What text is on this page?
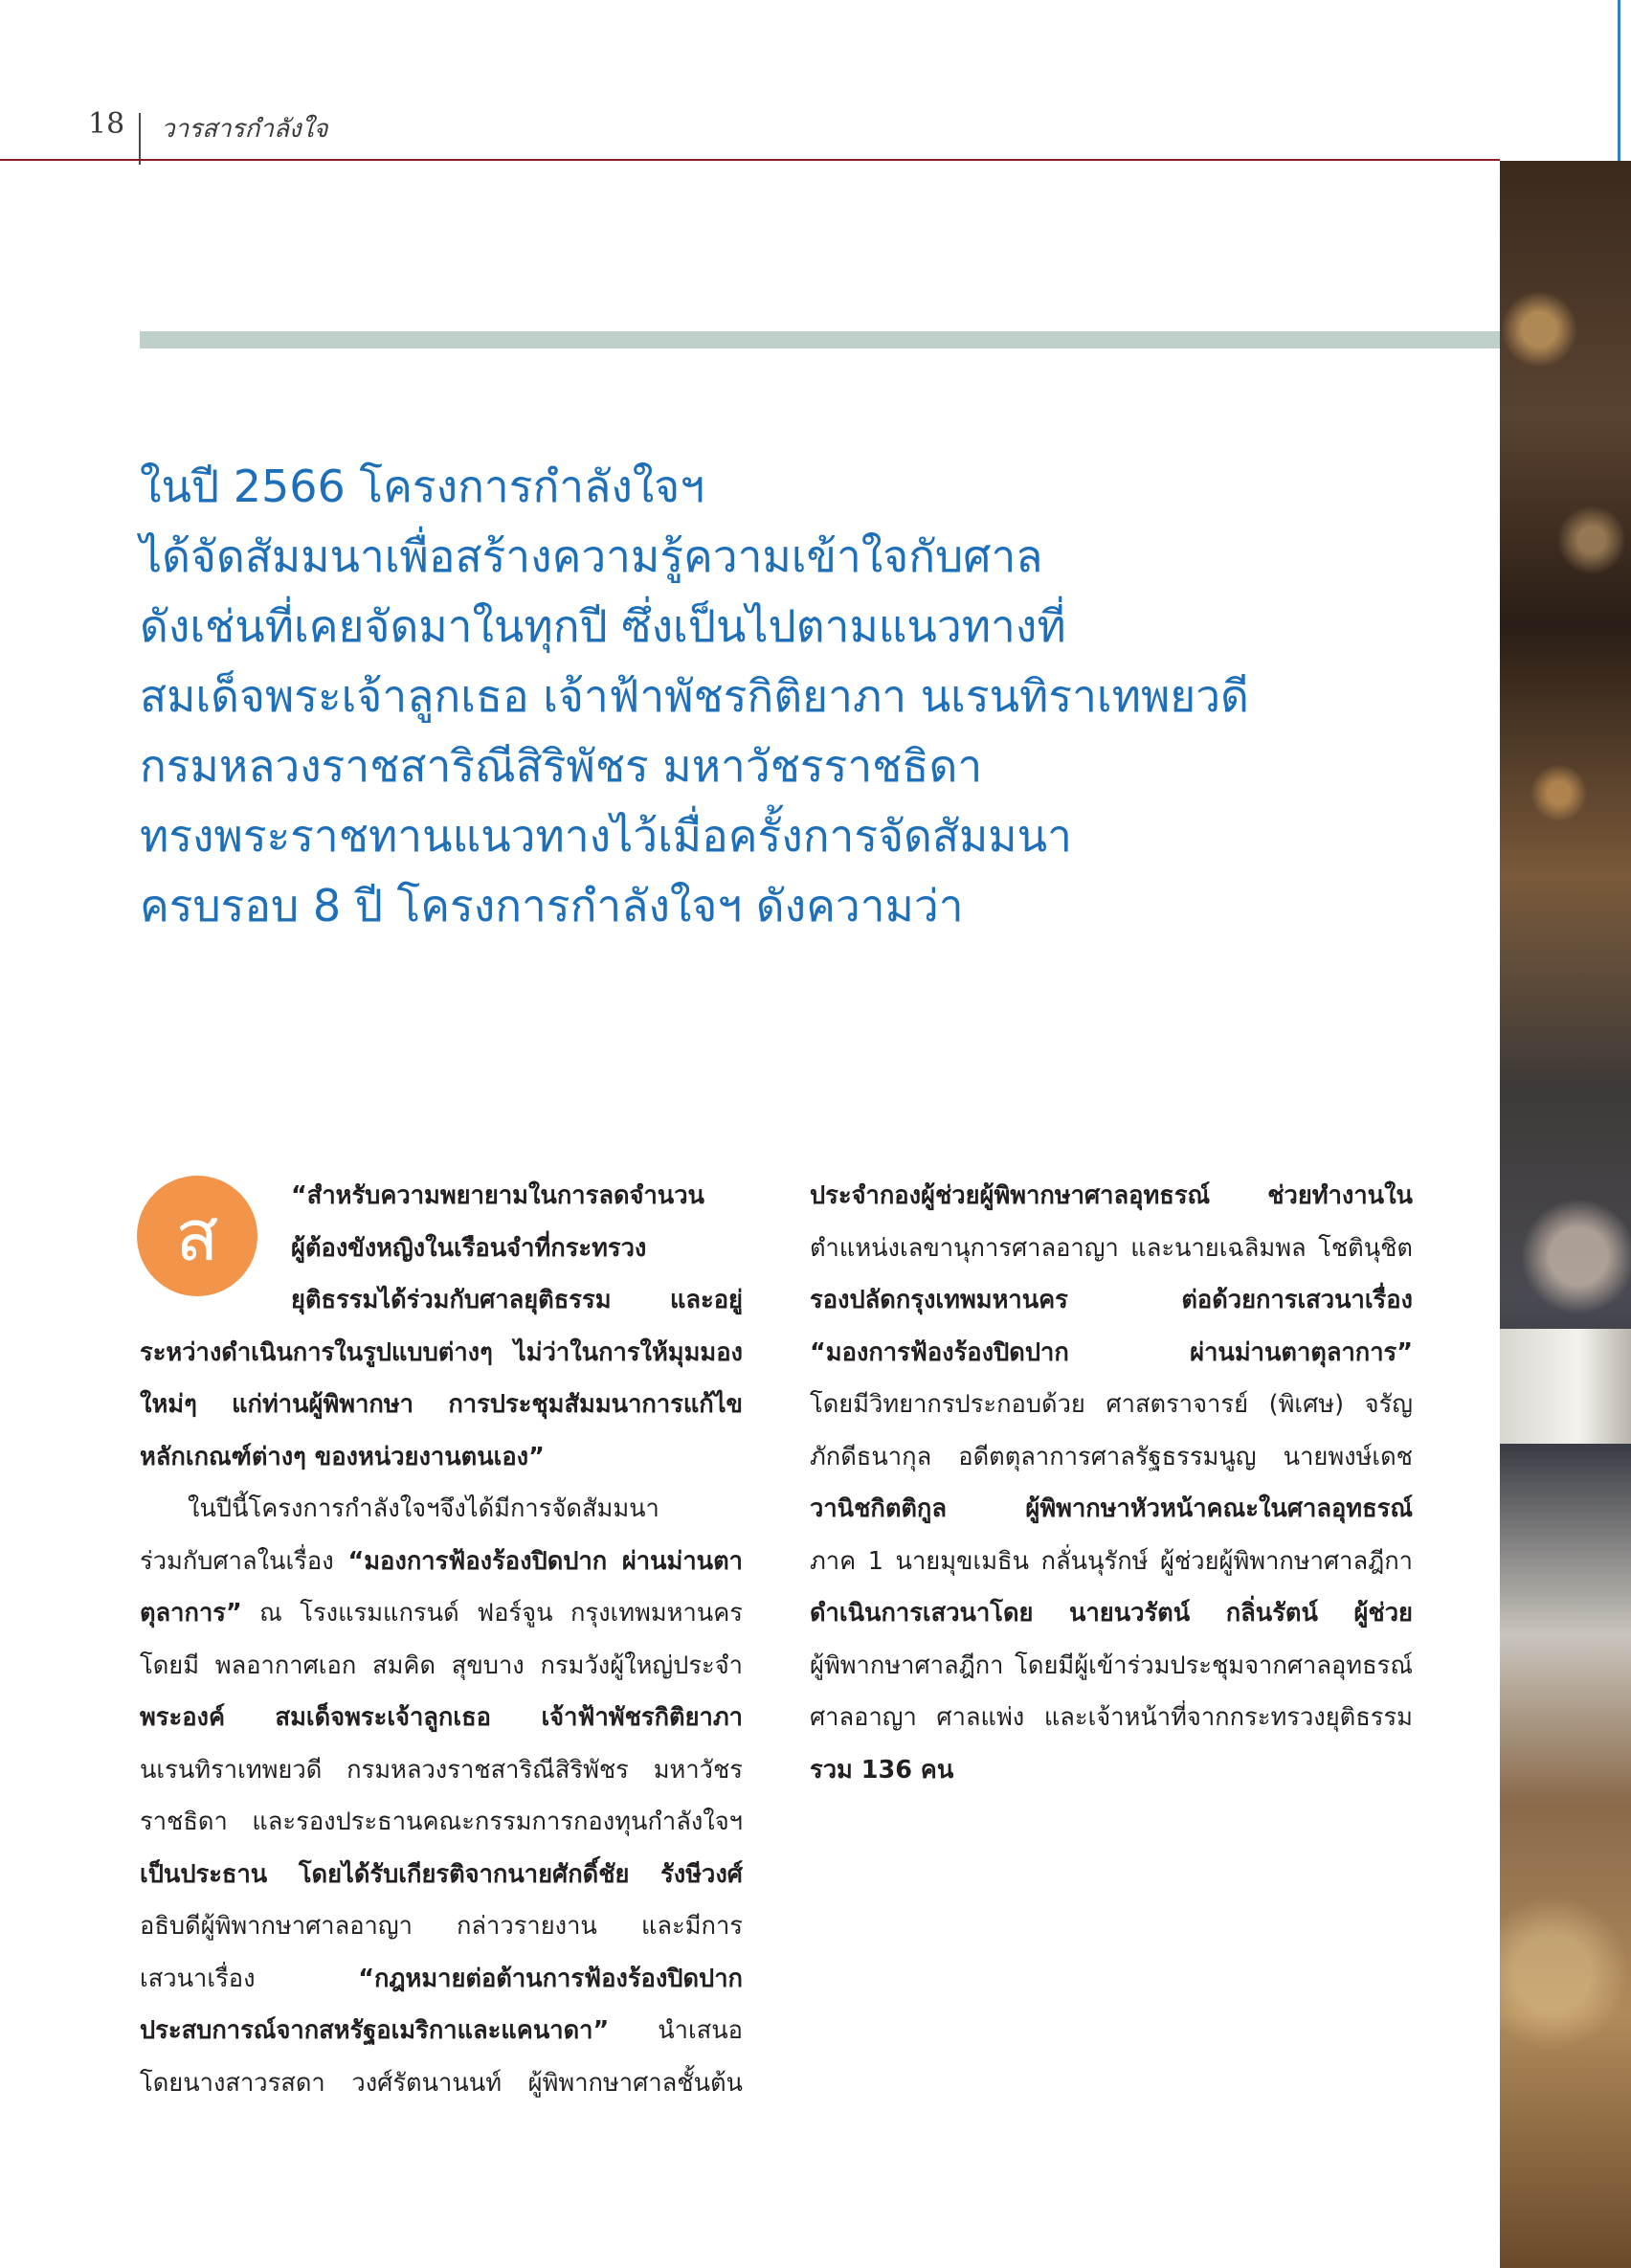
18 วารสารกำลังใจ
ในปี 2566 โครงการกำลังใจฯ
ได้จัดสัมมนาเพื่อสร้างความรู้ความเข้าใจกับศาล
ดังเช่นที่เคยจัดมาในทุกปี ซึ่งเป็นไปตามแนวทางที่
สมเด็จพระเจ้าลูกเธอ เจ้าฟ้าพัชรกิติยาภา นเรนทิราเทพยวดี
กรมหลวงราชสาริณีสิริพัชร มหาวัชรราชธิดา
ทรงพระราชทานแนวทางไว้เมื่อครั้งการจัดสัมมนา
ครบรอบ 8 ปี โครงการกำลังใจฯ ดังความว่า
ส	“สำหรับความพยายามในการลดจำนวน
ผู้ต้องขังหญิงในเรือนจำที่กระทรวง
ยุติธรรมได้ร่วมกับศาลยุติธรรม และอยู่
ระหว่างดำเนินการในรูปแบบต่างๆ ไม่ว่าในการให้มุมมอง
ใหม่ๆ แก่ท่านผู้พิพากษา การประชุมสัมมนาการแก้ไข
หลักเกณฑ์ต่างๆ ของหน่วยงานตนเอง”
ในปีนี้โครงการกำลังใจฯจึงได้มีการจัดสัมมนา
ร่วมกับศาลในเรื่อง “มองการฟ้องร้องปิดปาก ผ่านม่านตา
ตุลาการ” ณ โรงแรมแกรนด์ ฟอร์จูน กรุงเทพมหานคร
โดยมี พลอากาศเอก สมคิด สุขบาง กรมวังผู้ใหญ่ประจำ
พระองค์ สมเด็จพระเจ้าลูกเธอ เจ้าฟ้าพัชรกิติยาภา
นเรนทิราเทพยวดี กรมหลวงราชสาริณีสิริพัชร มหาวัชร
ราชธิดา และรองประธานคณะกรรมการกองทุนกำลังใจฯ
เป็นประธาน โดยได้รับเกียรติจากนายศักดิ์ชัย รังษีวงศ์
อธิบดีผู้พิพากษาศาลอาญา กล่าวรายงาน และมีการ
เสวนาเรื่อง “กฎหมายต่อต้านการฟ้องร้องปิดปาก
ประสบการณ์จากสหรัฐอเมริกาและแคนาดา” นำเสนอ
โดยนางสาวรสดา วงศ์รัตนานนท์ ผู้พิพากษาศาลชั้นต้น
ประจำกองผู้ช่วยผู้พิพากษาศาลอุทธรณ์ ช่วยทำงานใน
ตำแหน่งเลขานุการศาลอาญา และนายเฉลิมพล โชตินุชิต
รองปลัดกรุงเทพมหานคร ต่อด้วยการเสวนาเรื่อง
“มองการฟ้องร้องปิดปาก ผ่านม่านตาตุลาการ”
โดยมีวิทยากรประกอบด้วย ศาสตราจารย์ (พิเศษ) จรัญ
ภักดีธนากุล อดีตตุลาการศาลรัฐธรรมนูญ นายพงษ์เดช
วานิชกิตติกูล ผู้พิพากษาหัวหน้าคณะในศาลอุทธรณ์
ภาค 1 นายมุขเมธิน กลั่นนุรักษ์ ผู้ช่วยผู้พิพากษาศาลฎีกา
ดำเนินการเสวนาโดย นายนวรัตน์ กลิ่นรัตน์ ผู้ช่วย
ผู้พิพากษาศาลฎีกา โดยมีผู้เข้าร่วมประชุมจากศาลอุทธรณ์
ศาลอาญา ศาลแพ่ง และเจ้าหน้าที่จากกระทรวงยุติธรรม
รวม 136 คน
